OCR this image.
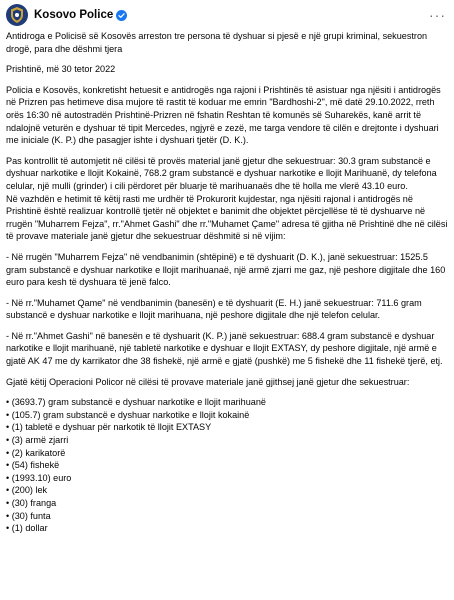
Kosovo Police	···

Antidroga e Policisë së Kosovës arreston tre persona të dyshuar si pjesë e një grupi kriminal, sekuestron drogë, para dhe dëshmi tjera

Prishtinë, më 30 tetor 2022

Policia e Kosovës, konkretisht hetuesit e antidrogës nga rajoni i Prishtinës të asistuar nga njësiti i antidrogës në Prizren pas hetimeve disa mujore të rastit të koduar me emrin "Bardhoshi-2", më datë 29.10.2022, rreth orës 16:30 në autostradën Prishtinë-Prizren në fshatin Reshtan të komunës së Suharekës, kanë arrit të ndalojnë veturën e dyshuar të tipit Mercedes, ngjyrë e zezë, me targa vendore të cilën e drejtonte i dyshuari me iniciale (K. P.) dhe pasagjer ishte i dyshuari tjetër (D. K.).

Pas kontrollit të automjetit në cilësi të provës material janë gjetur dhe sekuestruar: 30.3 gram substancë e dyshuar narkotike e llojit Kokainë, 768.2 gram substancë e dyshuar narkotike e llojit Marihuanë, dy telefona celular, një mulli (grinder) i cili përdoret për bluarje të marihuanaës dhe të holla me vlerë 43.10 euro.

Në vazhdën e hetimit të këtij rasti me urdhër të Prokurorit kujdestar, nga njësiti rajonal i antidrogës në Prishtinë është realizuar kontrollë tjetër në objektet e banimit dhe objektet përcjellëse të të dyshuarve në rrugën "Muharrem Fejza", rr."Ahmet Gashi" dhe rr."Muhamet Çame" adresa të gjitha në Prishtinë dhe në cilësi të provave materiale janë gjetur dhe sekuestruar dëshmitë si në vijim:

- Në rrugën "Muharrem Fejza" në vendbanimin (shtëpinë) e të dyshuarit (D. K.), janë sekuestruar: 1525.5 gram substancë e dyshuar narkotike e llojit marihuanaë, një armë zjarri me gaz, një peshore digjitale dhe 160 euro para kesh të dyshuara të jenë falco.

- Në rr."Muhamet Qame" në vendbanimin (banesën) e të dyshuarit (E. H.) janë sekuestruar: 711.6 gram substancë e dyshuar narkotike e llojit marihuana, një peshore digjitale dhe një telefon celular.

- Në rr."Ahmet Gashi" në banesën e të dyshuarit (K. P.) janë sekuestruar: 688.4 gram substancë e dyshuar narkotike e llojit marihuanë, një tabletë narkotike e dyshuar e llojit EXTASY, dy peshore digjitale, një armë e gjatë AK 47 me dy karrikator dhe 38 fishekë, një armë e gjatë (pushkë) me 5 fishekë dhe 11 fishekë tjerë, etj.

Gjatë këtij Operacioni Policor në cilësi të provave materiale janë gjithsej janë gjetur dhe sekuestruar:

• (3693.7) gram substancë e dyshuar narkotike e llojit marihuanë
• (105.7) gram substancë e dyshuar narkotike e llojit kokainë
• (1) tabletë e dyshuar për narkotik të llojit EXTASY
• (3) armë zjarri
• (2) karikatorë
• (54) fishekë
• (1993.10) euro
• (200) lek
• (30) franga
• (30) funta
• (1) dollar
